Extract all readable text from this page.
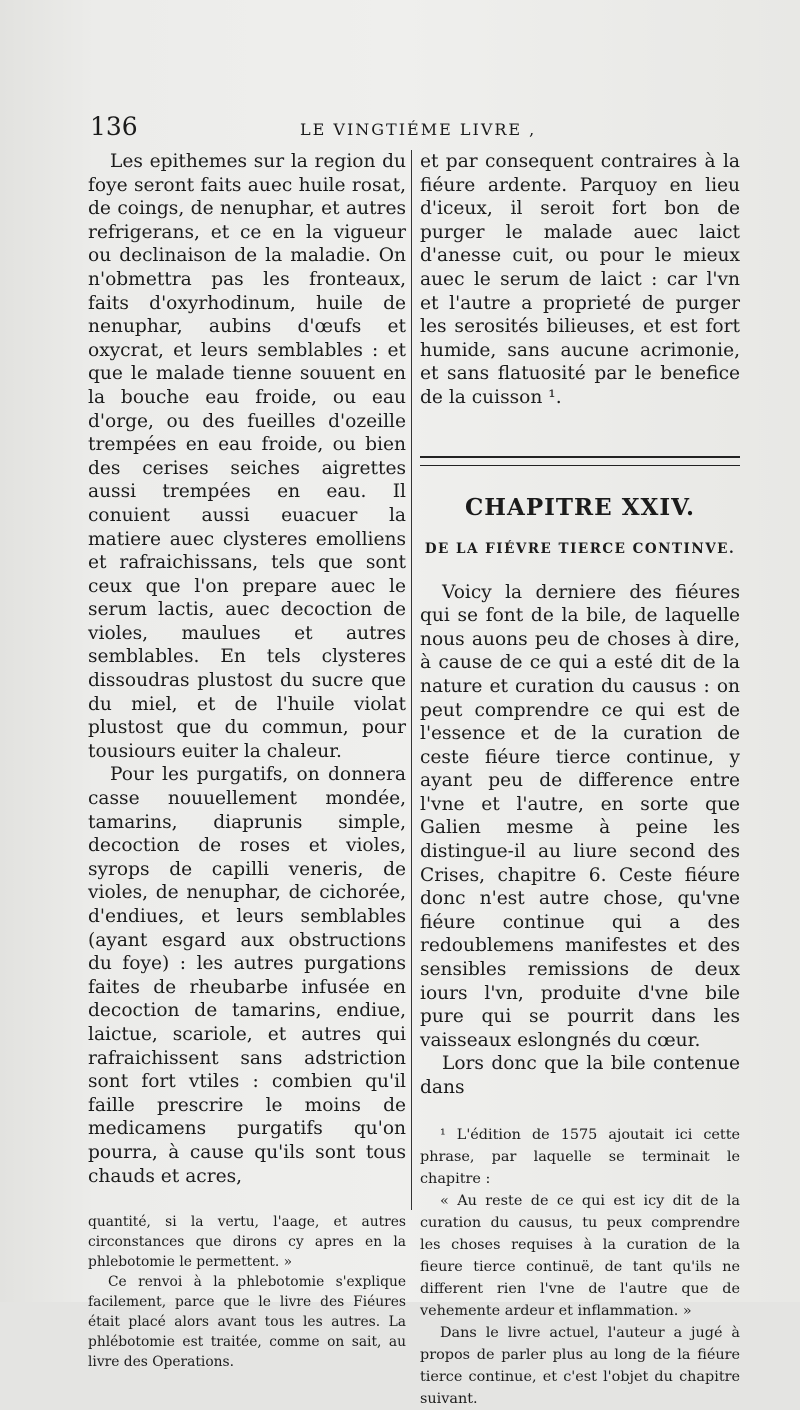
136	LE VINGTIÉME LIVRE ,

Les epithemes sur la region du foye seront faits auec huile rosat, de coings, de nenuphar, et autres refrigerans, et ce en la vigueur ou declinaison de la maladie. On n'obmettra pas les fronteaux, faits d'oxyrhodinum, huile de nenuphar, aubins d'œufs et oxycrat, et leurs semblables : et que le malade tienne souuent en la bouche eau froide, ou eau d'orge, ou des fueilles d'ozeille trempées en eau froide, ou bien des cerises seiches aigrettes aussi trempées en eau. Il conuient aussi euacuer la matiere auec clysteres emolliens et rafraichissans, tels que sont ceux que l'on prepare auec le serum lactis, auec decoction de violes, maulues et autres semblables. En tels clysteres dissoudras plustost du sucre que du miel, et de l'huile violat plustost que du commun, pour tousiours euiter la chaleur.

Pour les purgatifs, on donnera casse nouuellement mondée, tamarins, diaprunis simple, decoction de roses et violes, syrops de capilli veneris, de violes, de nenuphar, de cichorée, d'endiues, et leurs semblables (ayant esgard aux obstructions du foye) : les autres purgations faites de rheubarbe infusée en decoction de tamarins, endiue, laictue, scariole, et autres qui rafraichissent sans adstriction sont fort vtiles : combien qu'il faille prescrire le moins de medicamens purgatifs qu'on pourra, à cause qu'ils sont tous chauds et acres,

quantité, si la vertu, l'aage, et autres circonstances que dirons cy apres en la phlebotomie le permettent. »

Ce renvoi à la phlebotomie s'explique facilement, parce que le livre des Fiéures était placé alors avant tous les autres. La phlébotomie est traitée, comme on sait, au livre des Operations.

et par consequent contraires à la fiéure ardente. Parquoy en lieu d'iceux, il seroit fort bon de purger le malade auec laict d'anesse cuit, ou pour le mieux auec le serum de laict : car l'vn et l'autre a proprieté de purger les serosités bilieuses, et est fort humide, sans aucune acrimonie, et sans flatuosité par le benefice de la cuisson ¹.

CHAPITRE XXIV.
DE LA FIÉVRE TIERCE CONTINVE.

Voicy la derniere des fiéures qui se font de la bile, de laquelle nous auons peu de choses à dire, à cause de ce qui a esté dit de la nature et curation du causus : on peut comprendre ce qui est de l'essence et de la curation de ceste fiéure tierce continue, y ayant peu de difference entre l'vne et l'autre, en sorte que Galien mesme à peine les distingue-il au liure second des Crises, chapitre 6. Ceste fiéure donc n'est autre chose, qu'vne fiéure continue qui a des redoublemens manifestes et des sensibles remissions de deux iours l'vn, produite d'vne bile pure qui se pourrit dans les vaisseaux eslongnés du cœur.

Lors donc que la bile contenue dans

¹ L'édition de 1575 ajoutait ici cette phrase, par laquelle se terminait le chapitre :

« Au reste de ce qui est icy dit de la curation du causus, tu peux comprendre les choses requises à la curation de la fieure tierce continuë, de tant qu'ils ne different rien l'vne de l'autre que de vehemente ardeur et inflammation. »

Dans le livre actuel, l'auteur a jugé à propos de parler plus au long de la fiéure tierce continue, et c'est l'objet du chapitre suivant.
